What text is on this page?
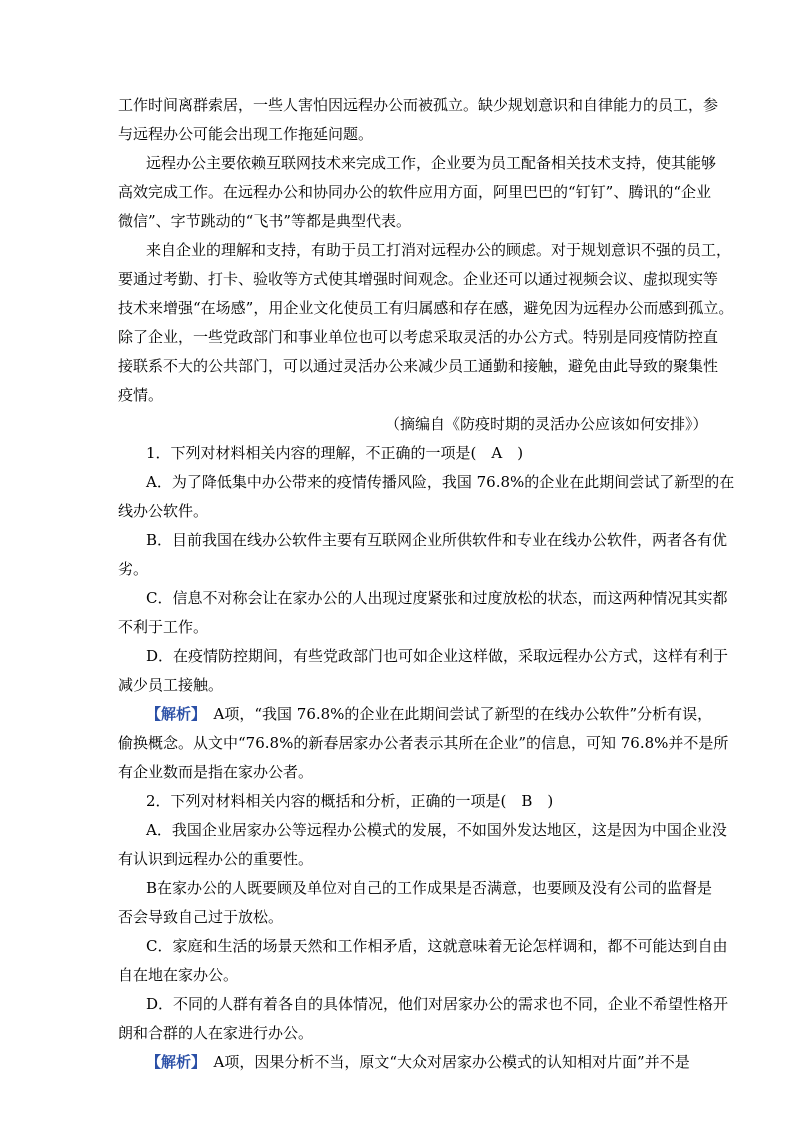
工作时间离群索居，一些人害怕因远程办公而被孤立。缺少规划意识和自律能力的员工，参
与远程办公可能会出现工作拖延问题。
远程办公主要依赖互联网技术来完成工作，企业要为员工配备相关技术支持，使其能够
高效完成工作。在远程办公和协同办公的软件应用方面，阿里巴巴的“钉钉”、腾讯的“企业
微信”、字节跳动的“飞书”等都是典型代表。
来自企业的理解和支持，有助于员工打消对远程办公的顾虑。对于规划意识不强的员工，
要通过考勤、打卡、验收等方式使其增强时间观念。企业还可以通过视频会议、虚拟现实等
技术来增强“在场感”，用企业文化使员工有归属感和存在感，避免因为远程办公而感到孤立。
除了企业，一些党政部门和事业单位也可以考虑采取灵活的办公方式。特别是同疫情防控直
接联系不大的公共部门，可以通过灵活办公来减少员工通勤和接触，避免由此导致的聚集性
疫情。
（摘编自《防疫时期的灵活办公应该如何安排》）
1．下列对材料相关内容的理解，不正确的一项是(　A　)
A．为了降低集中办公带来的疫情传播风险，我国 76.8%的企业在此期间尝试了新型的在
线办公软件。
B．目前我国在线办公软件主要有互联网企业所供软件和专业在线办公软件，两者各有优
劣。
C．信息不对称会让在家办公的人出现过度紧张和过度放松的状态，而这两种情况其实都
不利于工作。
D．在疫情防控期间，有些党政部门也可如企业这样做，采取远程办公方式，这样有利于
减少员工接触。
【解析】　A项，“我国 76.8%的企业在此期间尝试了新型的在线办公软件”分析有误，
偷换概念。从文中“76.8%的新春居家办公者表示其所在企业”的信息，可知 76.8%并不是所
有企业数而是指在家办公者。
2．下列对材料相关内容的概括和分析，正确的一项是(　B　)
A．我国企业居家办公等远程办公模式的发展，不如国外发达地区，这是因为中国企业没
有认识到远程办公的重要性。
B在家办公的人既要顾及单位对自己的工作成果是否满意，也要顾及没有公司的监督是
否会导致自己过于放松。
C．家庭和生活的场景天然和工作相矛盾，这就意味着无论怎样调和，都不可能达到自由
自在地在家办公。
D．不同的人群有着各自的具体情况，他们对居家办公的需求也不同，企业不希望性格开
朗和合群的人在家进行办公。
【解析】　A项，因果分析不当，原文“大众对居家办公模式的认知相对片面”并不是
